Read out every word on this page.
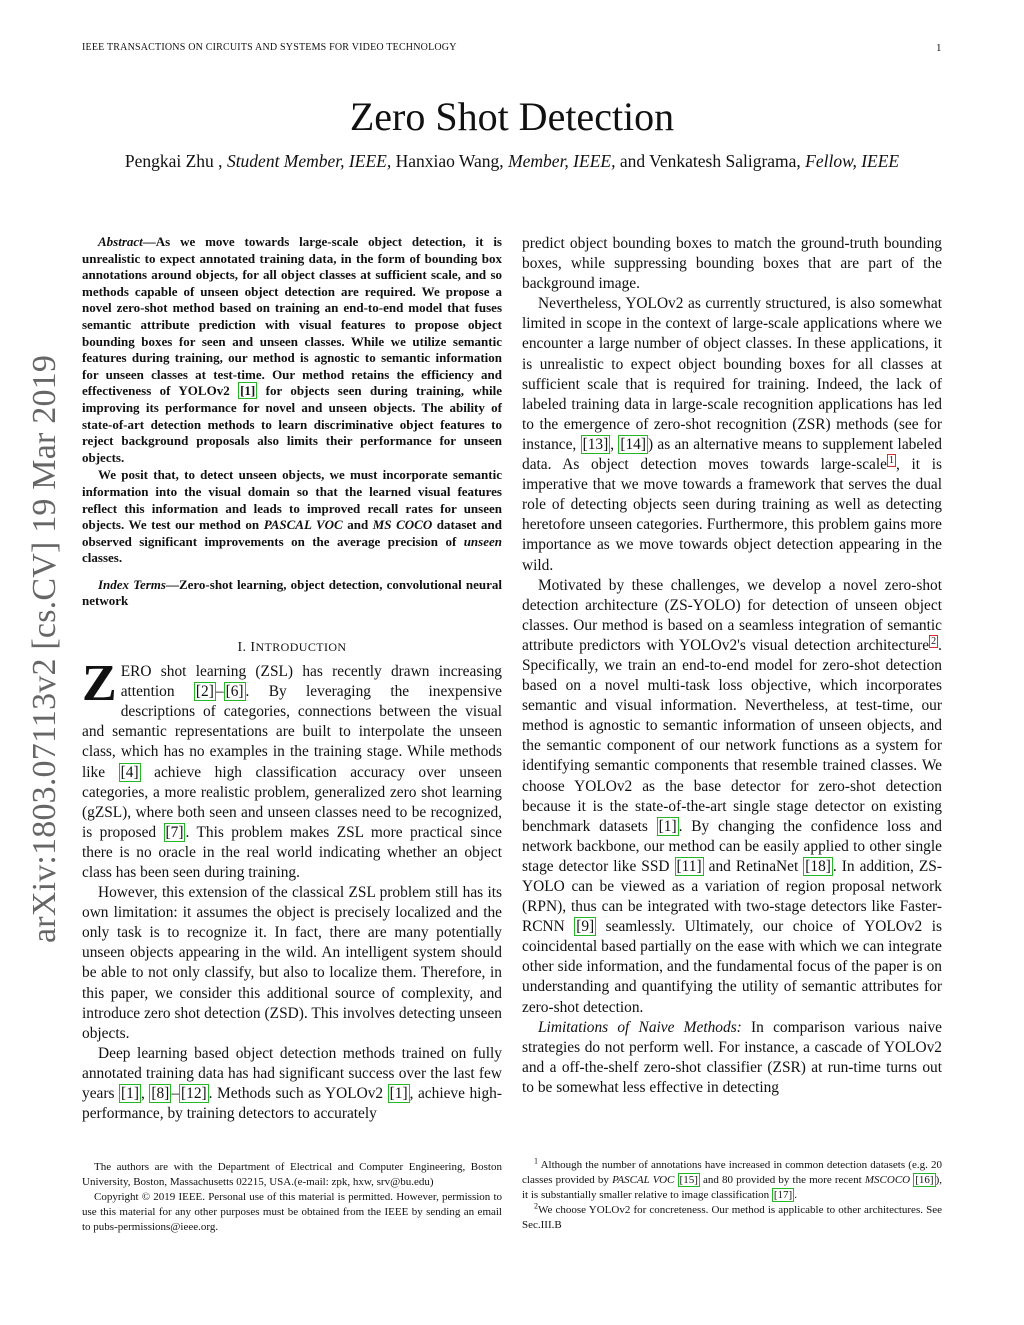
IEEE TRANSACTIONS ON CIRCUITS AND SYSTEMS FOR VIDEO TECHNOLOGY	1
Zero Shot Detection
Pengkai Zhu , Student Member, IEEE, Hanxiao Wang, Member, IEEE, and Venkatesh Saligrama, Fellow, IEEE
arXiv:1803.07113v2 [cs.CV] 19 Mar 2019

Abstract—As we move towards large-scale object detection, it is unrealistic to expect annotated training data, in the form of bounding box annotations around objects, for all object classes at sufficient scale, and so methods capable of unseen object detection are required. We propose a novel zero-shot method based on training an end-to-end model that fuses semantic attribute prediction with visual features to propose object bounding boxes for seen and unseen classes. While we utilize semantic features during training, our method is agnostic to semantic information for unseen classes at test-time. Our method retains the efficiency and effectiveness of YOLOv2 [1] for objects seen during training, while improving its performance for novel and unseen objects. The ability of state-of-art detection methods to learn discriminative object features to reject background proposals also limits their performance for unseen objects.

We posit that, to detect unseen objects, we must incorporate semantic information into the visual domain so that the learned visual features reflect this information and leads to improved recall rates for unseen objects. We test our method on PASCAL VOC and MS COCO dataset and observed significant improvements on the average precision of unseen classes.

Index Terms—Zero-shot learning, object detection, convolutional neural network
I. INTRODUCTION

ZERO shot learning (ZSL) has recently drawn increasing attention [2] – [6] . By leveraging the inexpensive descriptions of categories, connections between the visual and semantic representations are built to interpolate the unseen class, which has no examples in the training stage. While methods like [4] achieve high classification accuracy over unseen categories, a more realistic problem, generalized zero shot learning (gZSL), where both seen and unseen classes need to be recognized, is proposed [7] . This problem makes ZSL more practical since there is no oracle in the real world indicating whether an object class has been seen during training.

However, this extension of the classical ZSL problem still has its own limitation: it assumes the object is precisely localized and the only task is to recognize it. In fact, there are many potentially unseen objects appearing in the wild. An intelligent system should be able to not only classify, but also to localize them. Therefore, in this paper, we consider this additional source of complexity, and introduce zero shot detection (ZSD). This involves detecting unseen objects.

Deep learning based object detection methods trained on fully annotated training data has had significant success over the last few years [1] , [8] – [12] . Methods such as YOLOv2 [1] , achieve high-performance, by training detectors to accurately

predict object bounding boxes to match the ground-truth bounding boxes, while suppressing bounding boxes that are part of the background image.

Nevertheless, YOLOv2 as currently structured, is also somewhat limited in scope in the context of large-scale applications where we encounter a large number of object classes. In these applications, it is unrealistic to expect object bounding boxes for all classes at sufficient scale that is required for training. Indeed, the lack of labeled training data in large-scale recognition applications has led to the emergence of zero-shot recognition (ZSR) methods (see for instance, [13] , [14] ) as an alternative means to supplement labeled data. As object detection moves towards large-scale $^1$ , it is imperative that we move towards a framework that serves the dual role of detecting objects seen during training as well as detecting heretofore unseen categories. Furthermore, this problem gains more importance as we move towards object detection appearing in the wild.

Motivated by these challenges, we develop a novel zero-shot detection architecture (ZS-YOLO) for detection of unseen object classes. Our method is based on a seamless integration of semantic attribute predictors with YOLOv2's visual detection architecture $^2$ . Specifically, we train an end-to-end model for zero-shot detection based on a novel multi-task loss objective, which incorporates semantic and visual information. Nevertheless, at test-time, our method is agnostic to semantic information of unseen objects, and the semantic component of our network functions as a system for identifying semantic components that resemble trained classes. We choose YOLOv2 as the base detector for zero-shot detection because it is the state-of-the-art single stage detector on existing benchmark datasets [1] . By changing the confidence loss and network backbone, our method can be easily applied to other single stage detector like SSD [11] and RetinaNet [18] . In addition, ZS-YOLO can be viewed as a variation of region proposal network (RPN), thus can be integrated with two-stage detectors like Faster-RCNN [9] seamlessly. Ultimately, our choice of YOLOv2 is coincidental based partially on the ease with which we can integrate other side information, and the fundamental focus of the paper is on understanding and quantifying the utility of semantic attributes for zero-shot detection.

Limitations of Naive Methods: In comparison various naive strategies do not perform well. For instance, a cascade of YOLOv2 and a off-the-shelf zero-shot classifier (ZSR) at run-time turns out to be somewhat less effective in detecting

The authors are with the Department of Electrical and Computer Engineering, Boston University, Boston, Massachusetts 02215, USA.(e-mail: zpk, hxw, srv@bu.edu)

Copyright © 2019 IEEE. Personal use of this material is permitted. However, permission to use this material for any other purposes must be obtained from the IEEE by sending an email to pubs-permissions@ieee.org.

$^1$ Although the number of annotations have increased in common detection datasets (e.g. 20 classes provided by PASCAL VOC [15] and 80 provided by the more recent MSCOCO [16] ), it is substantially smaller relative to image classification [17] .

$^2$We choose YOLOv2 for concreteness. Our method is applicable to other architectures. See Sec.III.B
